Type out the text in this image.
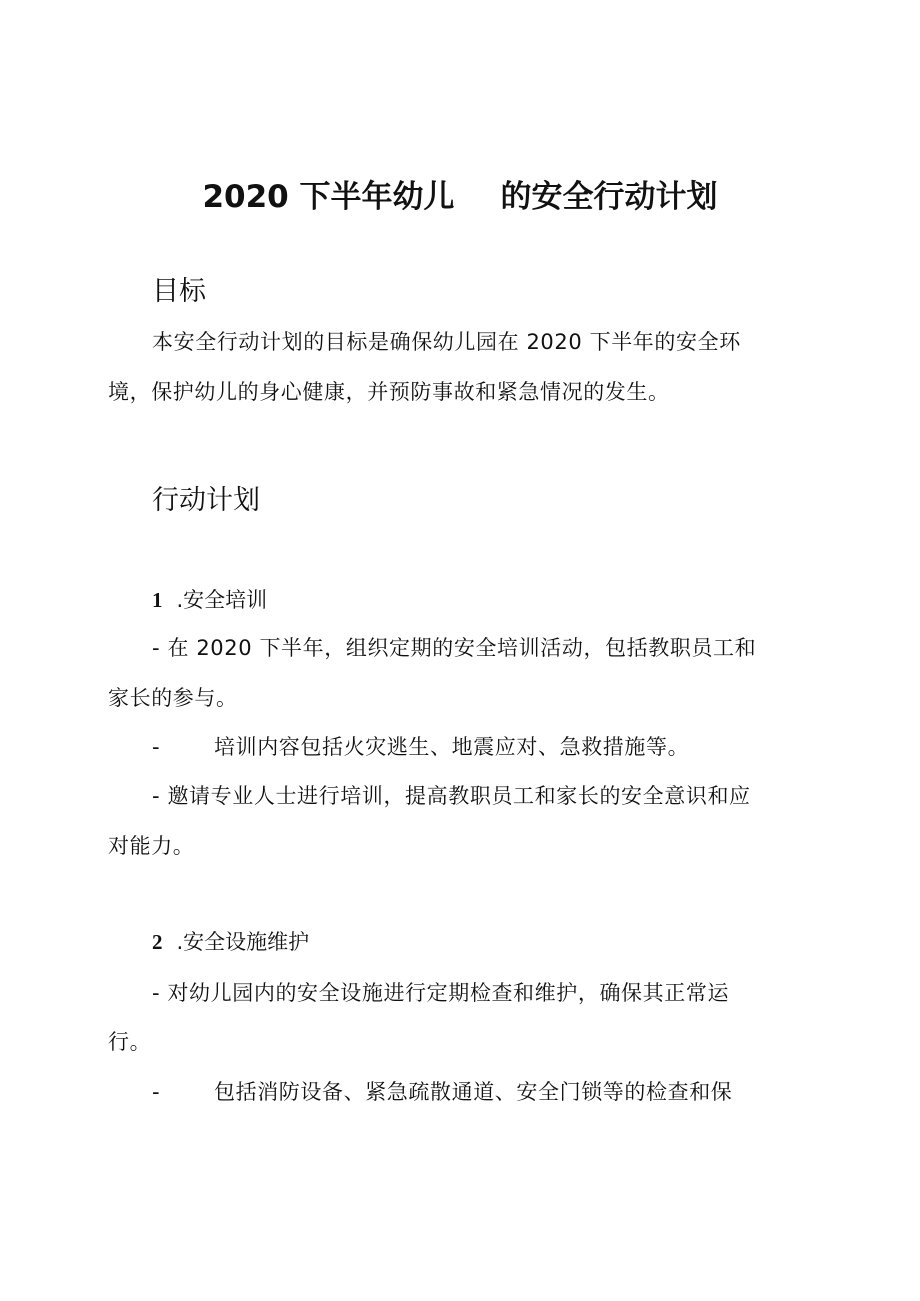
2020 下半年幼儿 的安全行动计划
目标
本安全行动计划的目标是确保幼儿园在 2020 下半年的安全环
境，保护幼儿的身心健康，并预防事故和紧急情况的发生。
行动计划
1 .安全培训
- 在 2020 下半年，组织定期的安全培训活动，包括教职员工和
家长的参与。
-	培训内容包括火灾逃生、地震应对、急救措施等。
- 邀请专业人士进行培训，提高教职员工和家长的安全意识和应
对能力。
2 .安全设施维护
- 对幼儿园内的安全设施进行定期检查和维护，确保其正常运
行。
-	包括消防设备、紧急疏散通道、安全门锁等的检查和保
